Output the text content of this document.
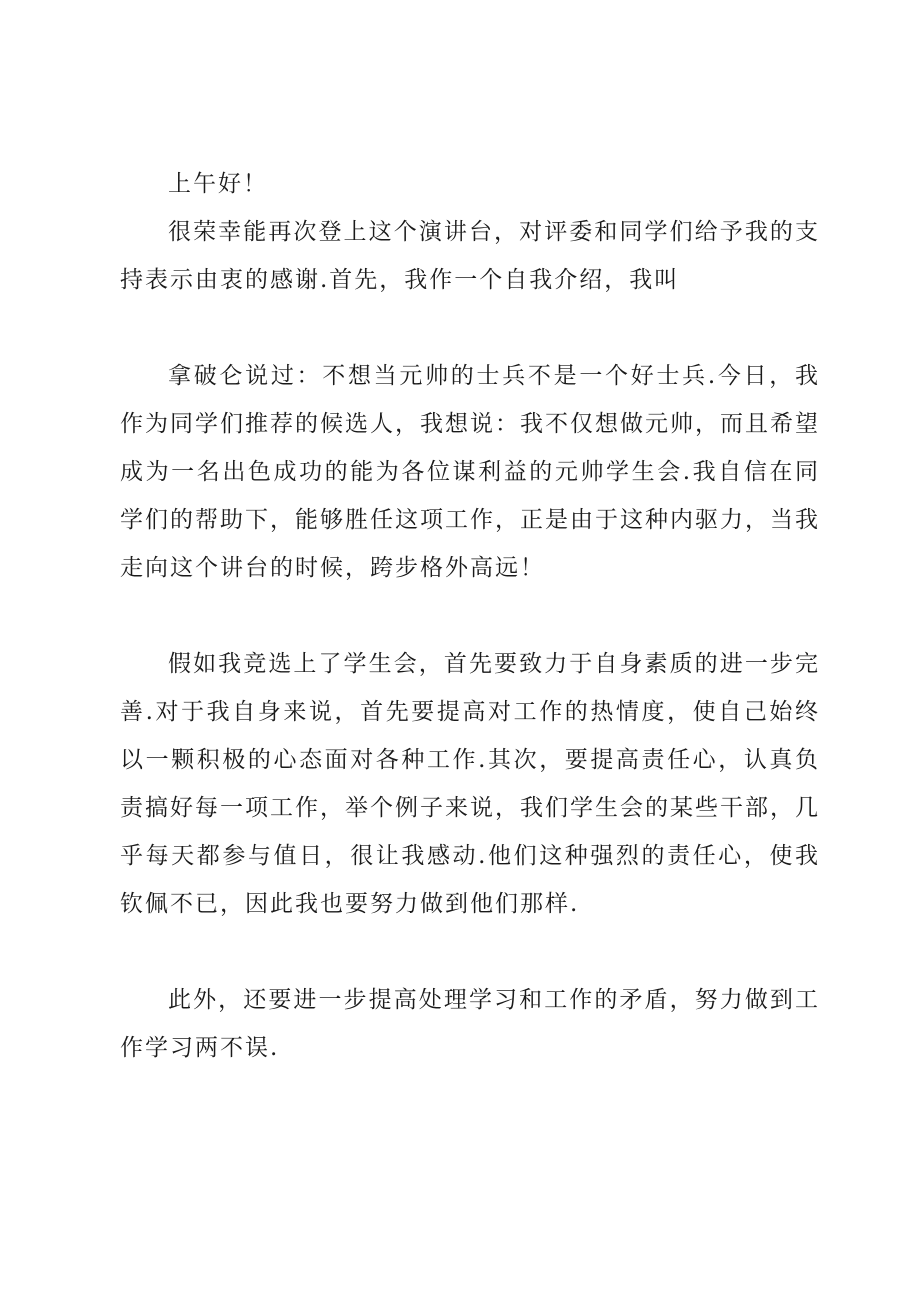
上午好！

很荣幸能再次登上这个演讲台，对评委和同学们给予我的支持表示由衷的感谢.首先，我作一个自我介绍，我叫

拿破仑说过：不想当元帅的士兵不是一个好士兵.今日，我作为同学们推荐的候选人，我想说：我不仅想做元帅，而且希望成为一名出色成功的能为各位谋利益的元帅学生会.我自信在同学们的帮助下，能够胜任这项工作，正是由于这种内驱力，当我走向这个讲台的时候，跨步格外高远！

假如我竞选上了学生会，首先要致力于自身素质的进一步完善.对于我自身来说，首先要提高对工作的热情度，使自己始终以一颗积极的心态面对各种工作.其次，要提高责任心，认真负责搞好每一项工作，举个例子来说，我们学生会的某些干部，几乎每天都参与值日，很让我感动.他们这种强烈的责任心，使我钦佩不已，因此我也要努力做到他们那样.

此外，还要进一步提高处理学习和工作的矛盾，努力做到工作学习两不误.
